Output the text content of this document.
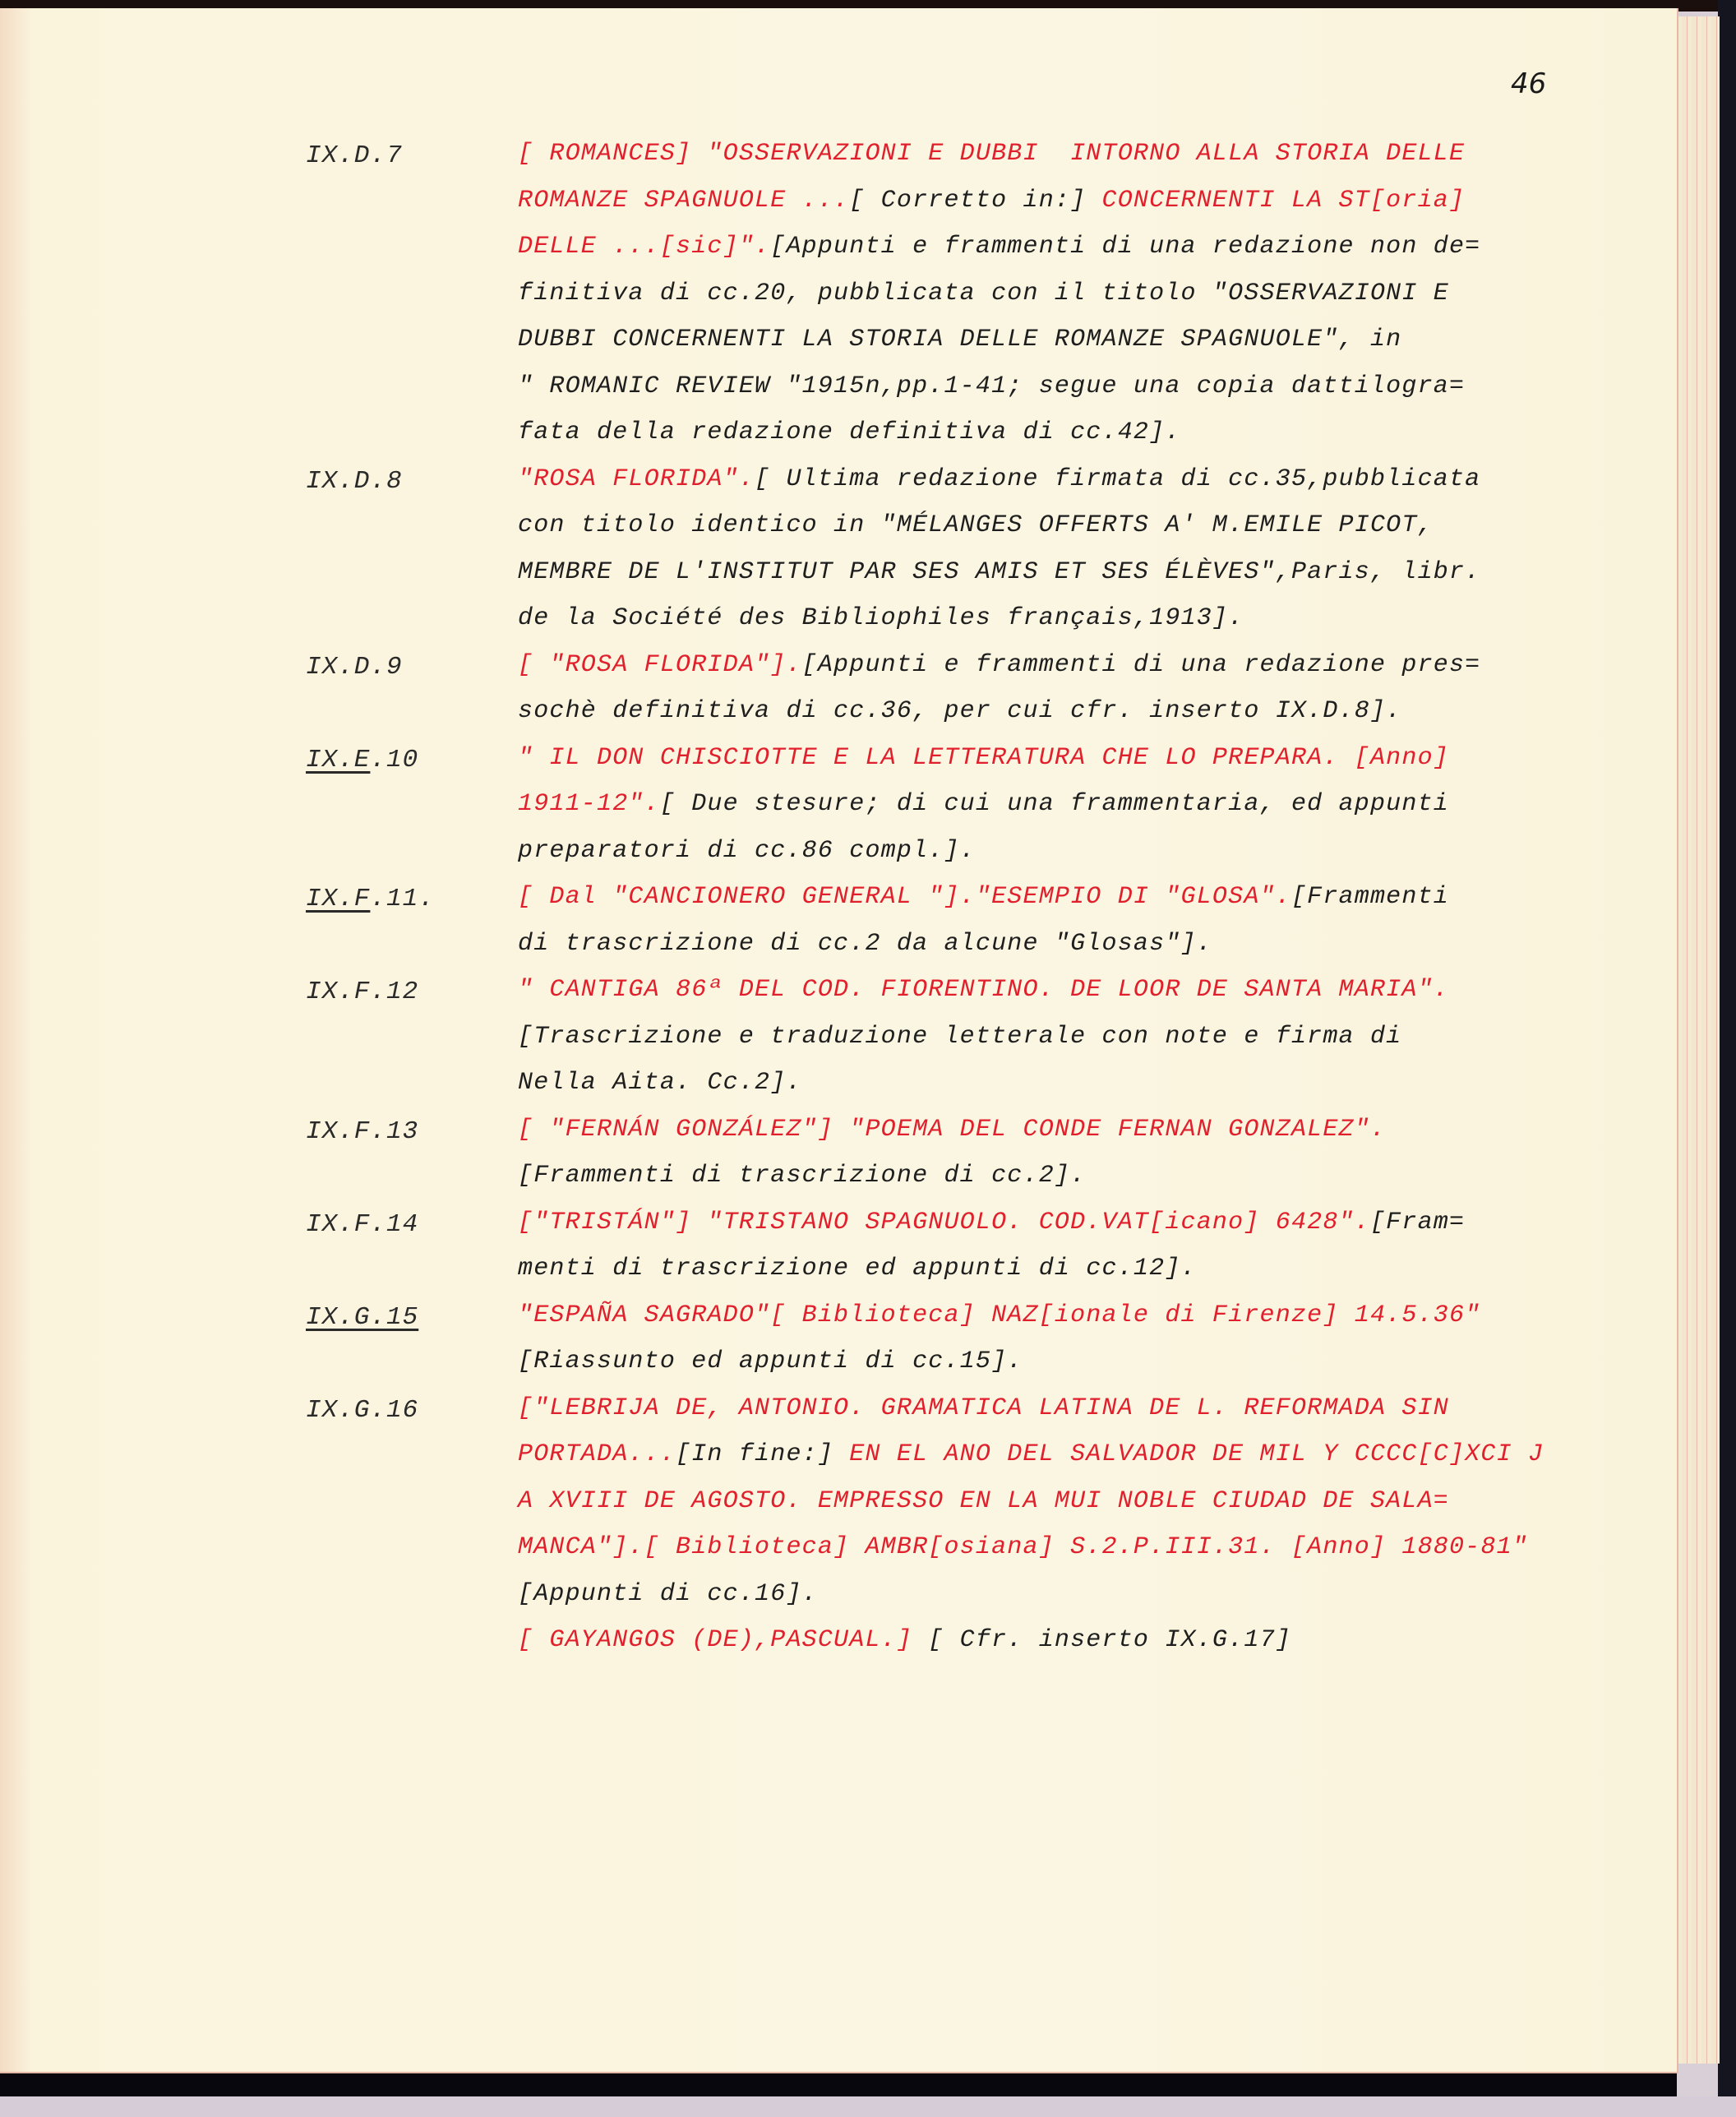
46
IX.D.7	[ ROMANCES] "OSSERVAZIONI E DUBBI  INTORNO ALLA STORIA DELLE
ROMANZE SPAGNUOLE ...[ Corretto in:] CONCERNENTI LA ST[oria]
DELLE ...[sic]".[Appunti e frammenti di una redazione non de=
finitiva di cc.20, pubblicata con il titolo "OSSERVAZIONI E
DUBBI CONCERNENTI LA STORIA DELLE ROMANZE SPAGNUOLE", in
" ROMANIC REVIEW "1915n,pp.1-41; segue una copia dattilogra=
fata della redazione definitiva di cc.42].
IX.D.8	"ROSA FLORIDA".[ Ultima redazione firmata di cc.35,pubblicata
con titolo identico in "MÉLANGES OFFERTS A' M.EMILE PICOT,
MEMBRE DE L'INSTITUT PAR SES AMIS ET SES ÉLÈVES",Paris, libr.
de la Société des Bibliophiles français,1913].
IX.D.9	[ "ROSA FLORIDA"].[Appunti e frammenti di una redazione pres=
sochè definitiva di cc.36, per cui cfr. inserto IX.D.8].
IX.E.10	" IL DON CHISCIOTTE E LA LETTERATURA CHE LO PREPARA. [Anno]
1911-12".[ Due stesure; di cui una frammentaria, ed appunti
preparatori di cc.86 compl.].
IX.F.11.	[ Dal "CANCIONERO GENERAL "]."ESEMPIO DI "GLOSA".[Frammenti
di trascrizione di cc.2 da alcune "Glosas"].
IX.F.12	" CANTIGA 86ª DEL COD. FIORENTINO. DE LOOR DE SANTA MARIA".
[Trascrizione e traduzione letterale con note e firma di
Nella Aita. Cc.2].
IX.F.13	[ "FERNÁN GONZÁLEZ"] "POEMA DEL CONDE FERNAN GONZALEZ".
[Frammenti di trascrizione di cc.2].
IX.F.14	["TRISTÁN"] "TRISTANO SPAGNUOLO. COD.VAT[icano] 6428".[Fram=
menti di trascrizione ed appunti di cc.12].
IX.G.15	"ESPAÑA SAGRADO"[ Biblioteca] NAZ[ionale di Firenze] 14.5.36"
[Riassunto ed appunti di cc.15].
IX.G.16	["LEBRIJA DE, ANTONIO. GRAMATICA LATINA DE L. REFORMADA SIN
PORTADA...[In fine:] EN EL ANO DEL SALVADOR DE MIL Y CCCC[C]XCI J
A XVIII DE AGOSTO. EMPRESSO EN LA MUI NOBLE CIUDAD DE SALA=
MANCA"].[ Biblioteca] AMBR[osiana] S.2.P.III.31. [Anno] 1880-81"
[Appunti di cc.16].
[ GAYANGOS (DE),PASCUAL.] [ Cfr. inserto IX.G.17]
